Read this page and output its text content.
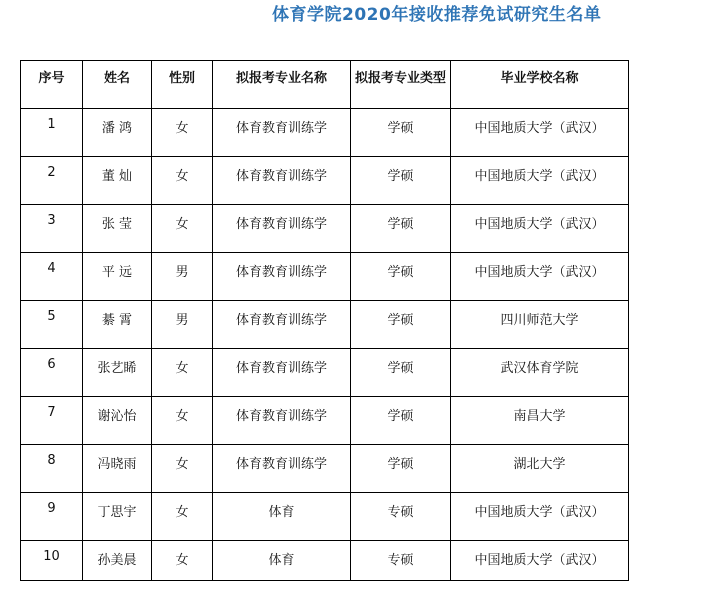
体育学院2020年接收推荐免试研究生名单
序号	姓名	性别	拟报考专业名称	拟报考专业类型	毕业学校名称
1	潘 鸿	女	体育教育训练学	学硕	中国地质大学（武汉）
2	董 灿	女	体育教育训练学	学硕	中国地质大学（武汉）
3	张 莹	女	体育教育训练学	学硕	中国地质大学（武汉）
4	平 远	男	体育教育训练学	学硕	中国地质大学（武汉）
5	綦 霄	男	体育教育训练学	学硕	四川师范大学
6	张艺睎	女	体育教育训练学	学硕	武汉体育学院
7	谢沁怡	女	体育教育训练学	学硕	南昌大学
8	冯晓雨	女	体育教育训练学	学硕	湖北大学
9	丁思宇	女	体育	专硕	中国地质大学（武汉）
10	孙美晨	女	体育	专硕	中国地质大学（武汉）
